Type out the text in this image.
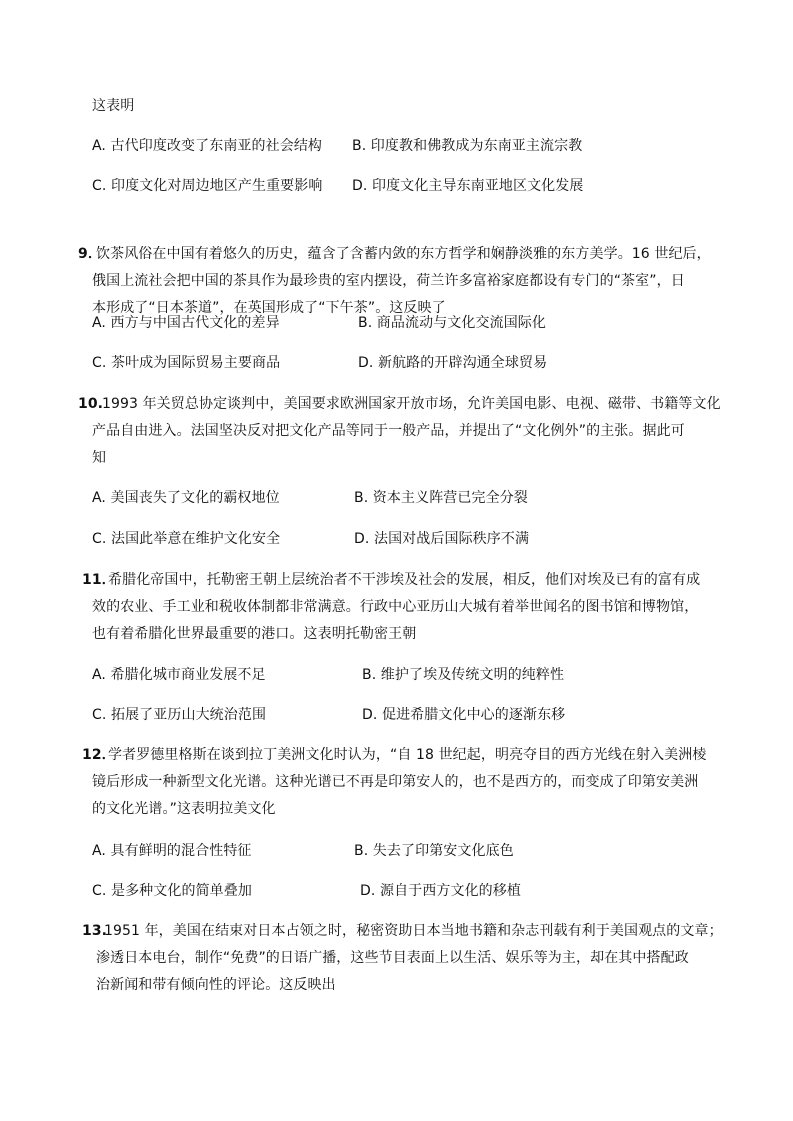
这表明
A. 古代印度改变了东南亚的社会结构 B. 印度教和佛教成为东南亚主流宗教
C. 印度文化对周边地区产生重要影响 D. 印度文化主导东南亚地区文化发展
9．
饮茶风俗在中国有着悠久的历史，蕴含了含蓄内敛的东方哲学和娴静淡雅的东方美学。16 世纪后，
俄国上流社会把中国的茶具作为最珍贵的室内摆设，荷兰许多富裕家庭都设有专门的“茶室”，日
本形成了“日本茶道”，在英国形成了“下午茶”。这反映了
A. 西方与中国古代文化的差异	B. 商品流动与文化交流国际化
C. 茶叶成为国际贸易主要商品	D. 新航路的开辟沟通全球贸易
10.
1993 年关贸总协定谈判中，美国要求欧洲国家开放市场，允许美国电影、电视、磁带、书籍等文化
产品自由进入。法国坚决反对把文化产品等同于一般产品，并提出了“文化例外”的主张。据此可
知
A. 美国丧失了文化的霸权地位	B. 资本主义阵营已完全分裂
C. 法国此举意在维护文化安全	D. 法国对战后国际秩序不满
11．
希腊化帝国中，托勒密王朝上层统治者不干涉埃及社会的发展，相反，他们对埃及已有的富有成
效的农业、手工业和税收体制都非常满意。行政中心亚历山大城有着举世闻名的图书馆和博物馆，
也有着希腊化世界最重要的港口。这表明托勒密王朝
A. 希腊化城市商业发展不足	B. 维护了埃及传统文明的纯粹性
C. 拓展了亚历山大统治范围	D. 促进希腊文化中心的逐渐东移
12．
学者罗德里格斯在谈到拉丁美洲文化时认为，“自 18 世纪起，明亮夺目的西方光线在射入美洲棱
镜后形成一种新型文化光谱。这种光谱已不再是印第安人的，也不是西方的，而变成了印第安美洲
的文化光谱。”这表明拉美文化
A. 具有鲜明的混合性特征	B. 失去了印第安文化底色
C. 是多种文化的简单叠加	D. 源自于西方文化的移植
13.
1951 年，美国在结束对日本占领之时，秘密资助日本当地书籍和杂志刊载有利于美国观点的文章；
渗透日本电台，制作“免费”的日语广播，这些节目表面上以生活、娱乐等为主，却在其中搭配政
治新闻和带有倾向性的评论。这反映出
